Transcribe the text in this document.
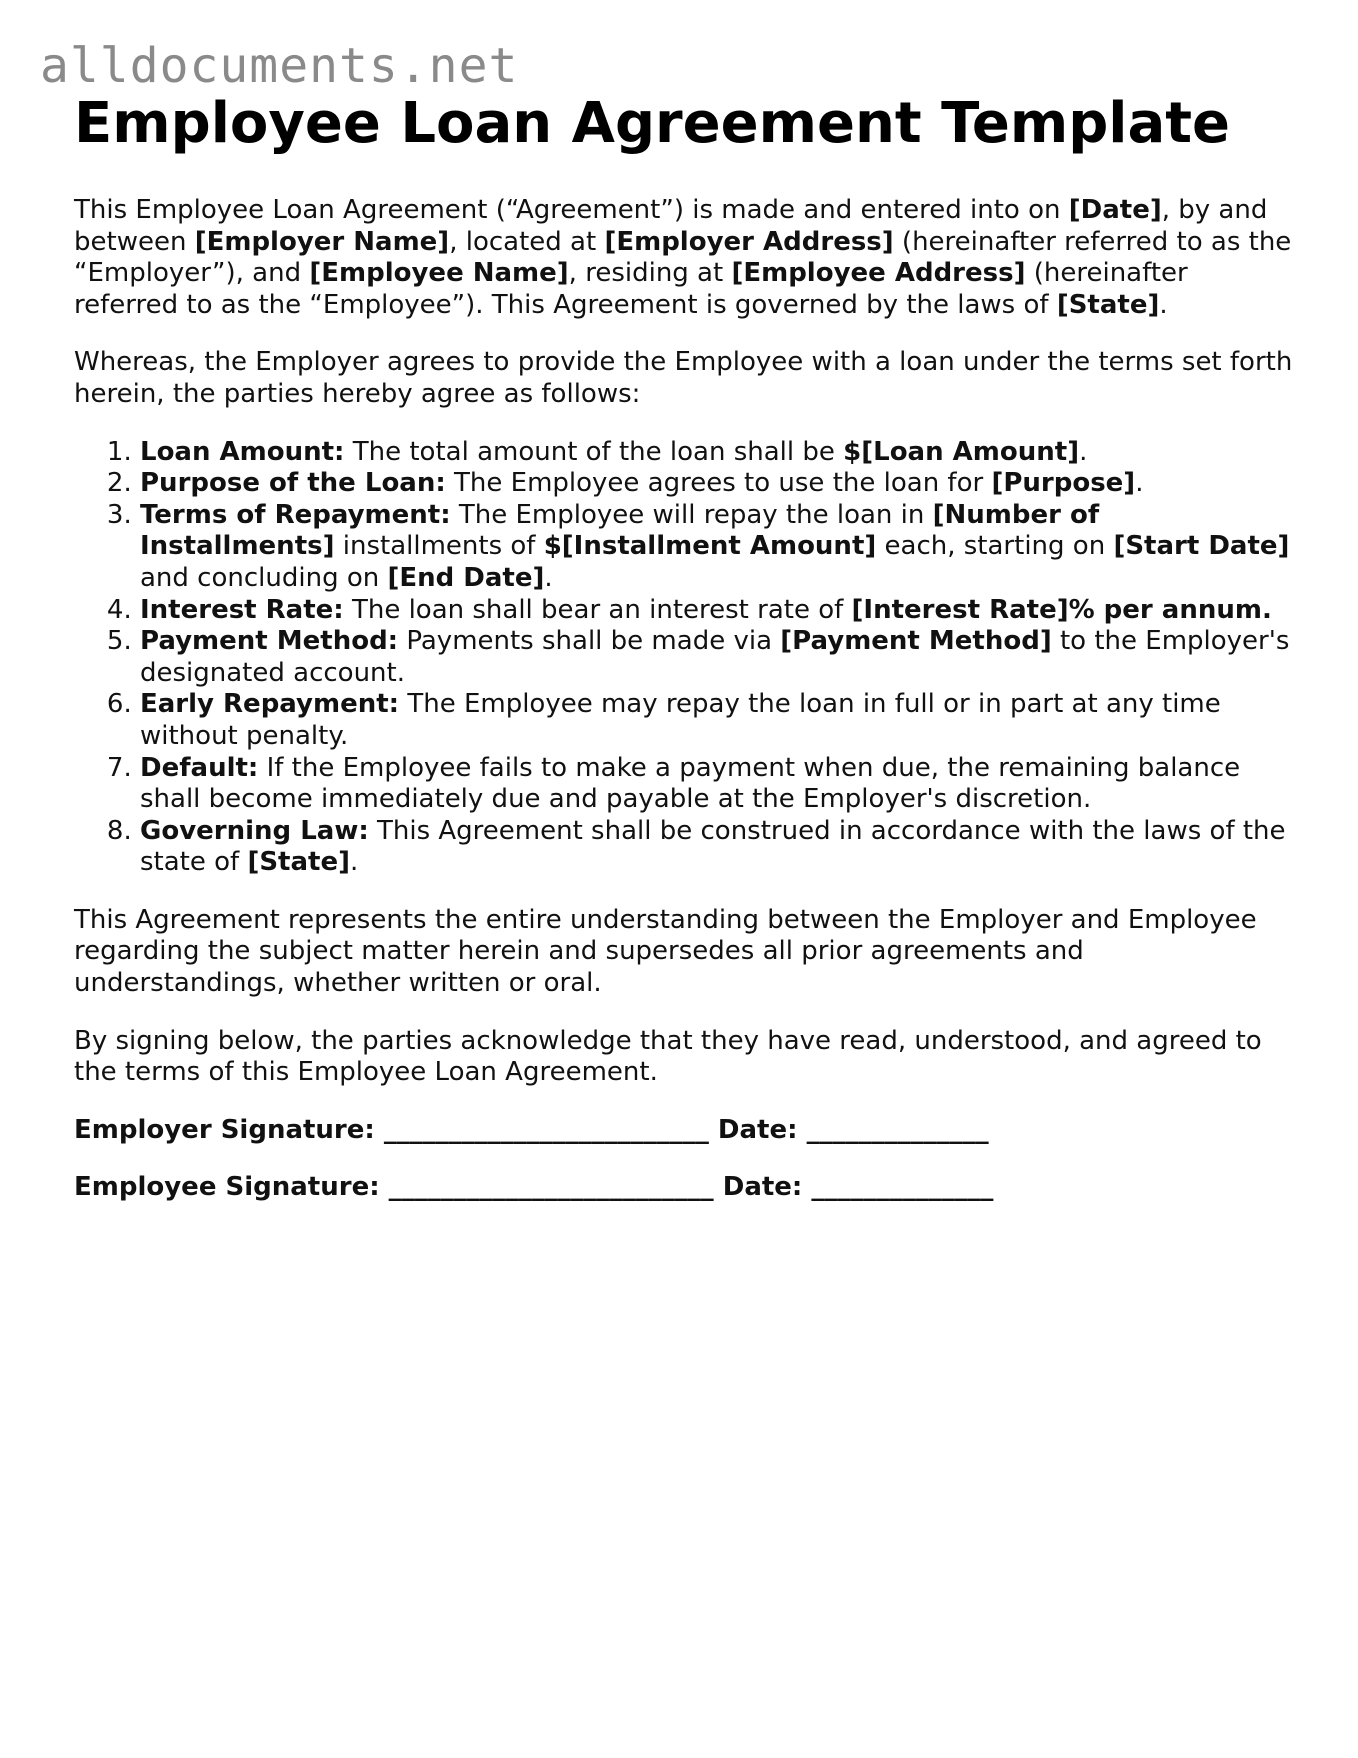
alldocuments.net
Employee Loan Agreement Template

This Employee Loan Agreement (“Agreement”) is made and entered into on [Date], by and between [Employer Name], located at [Employer Address] (hereinafter referred to as the “Employer”), and [Employee Name], residing at [Employee Address] (hereinafter referred to as the “Employee”). This Agreement is governed by the laws of [State].

Whereas, the Employer agrees to provide the Employee with a loan under the terms set forth herein, the parties hereby agree as follows:

1. Loan Amount: The total amount of the loan shall be $[Loan Amount].
2. Purpose of the Loan: The Employee agrees to use the loan for [Purpose].
3. Terms of Repayment: The Employee will repay the loan in [Number of Installments] installments of $[Installment Amount] each, starting on [Start Date] and concluding on [End Date].
4. Interest Rate: The loan shall bear an interest rate of [Interest Rate]% per annum.
5. Payment Method: Payments shall be made via [Payment Method] to the Employer's designated account.
6. Early Repayment: The Employee may repay the loan in full or in part at any time without penalty.
7. Default: If the Employee fails to make a payment when due, the remaining balance shall become immediately due and payable at the Employer's discretion.
8. Governing Law: This Agreement shall be construed in accordance with the laws of the state of [State].

This Agreement represents the entire understanding between the Employer and Employee regarding the subject matter herein and supersedes all prior agreements and understandings, whether written or oral.

By signing below, the parties acknowledge that they have read, understood, and agreed to the terms of this Employee Loan Agreement.

Employer Signature: _________________________ Date: ______________
Employee Signature: _________________________ Date: ______________
